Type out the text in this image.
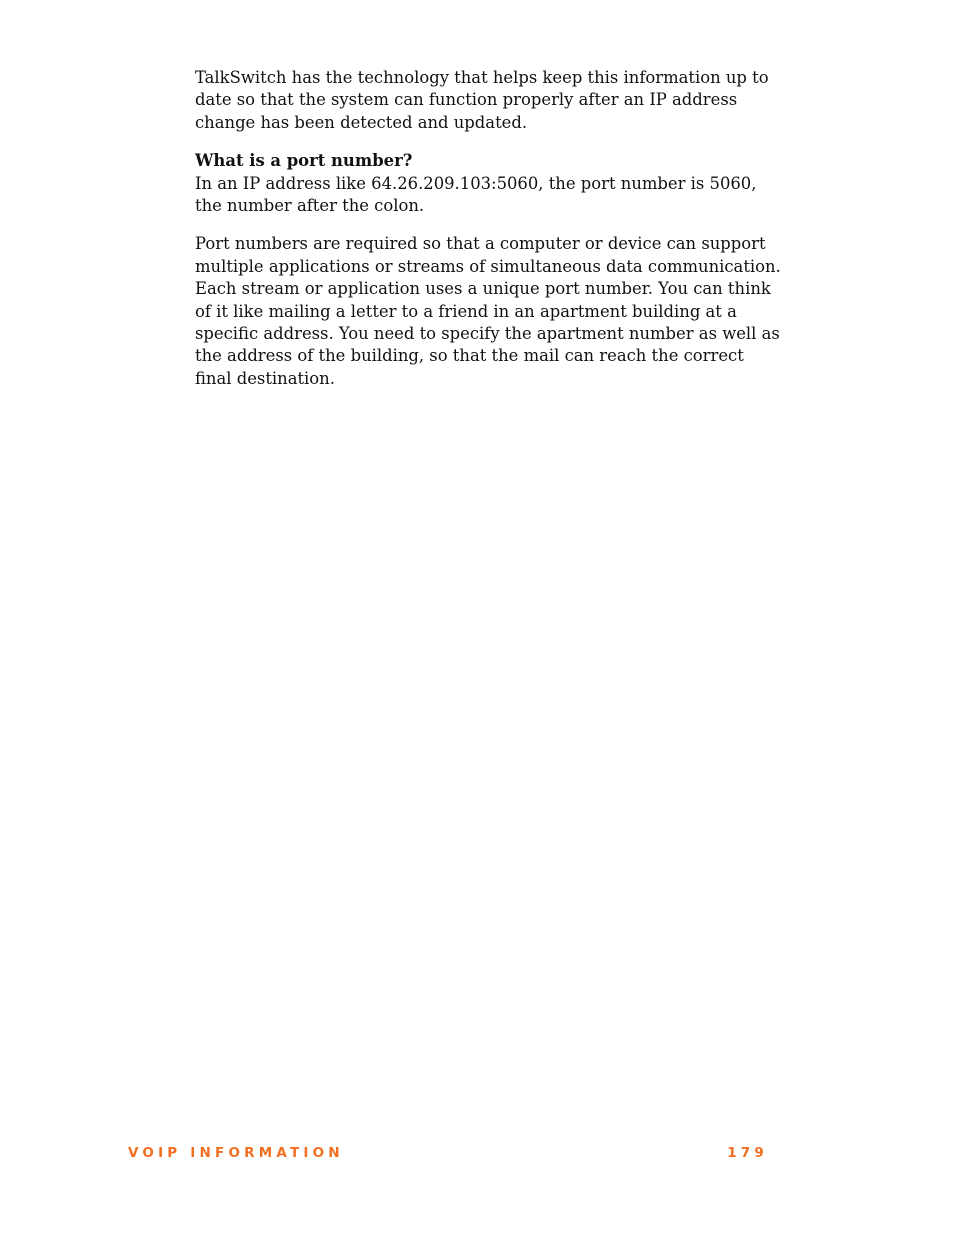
TalkSwitch has the technology that helps keep this information up to date so that the system can function properly after an IP address change has been detected and updated.

What is a port number?

In an IP address like 64.26.209.103:5060, the port number is 5060, the number after the colon.

Port numbers are required so that a computer or device can support multiple applications or streams of simultaneous data communication. Each stream or application uses a unique port number. You can think of it like mailing a letter to a friend in an apartment building at a specific address. You need to specify the apartment number as well as the address of the building, so that the mail can reach the correct final destination.

VOIP INFORMATION	179
